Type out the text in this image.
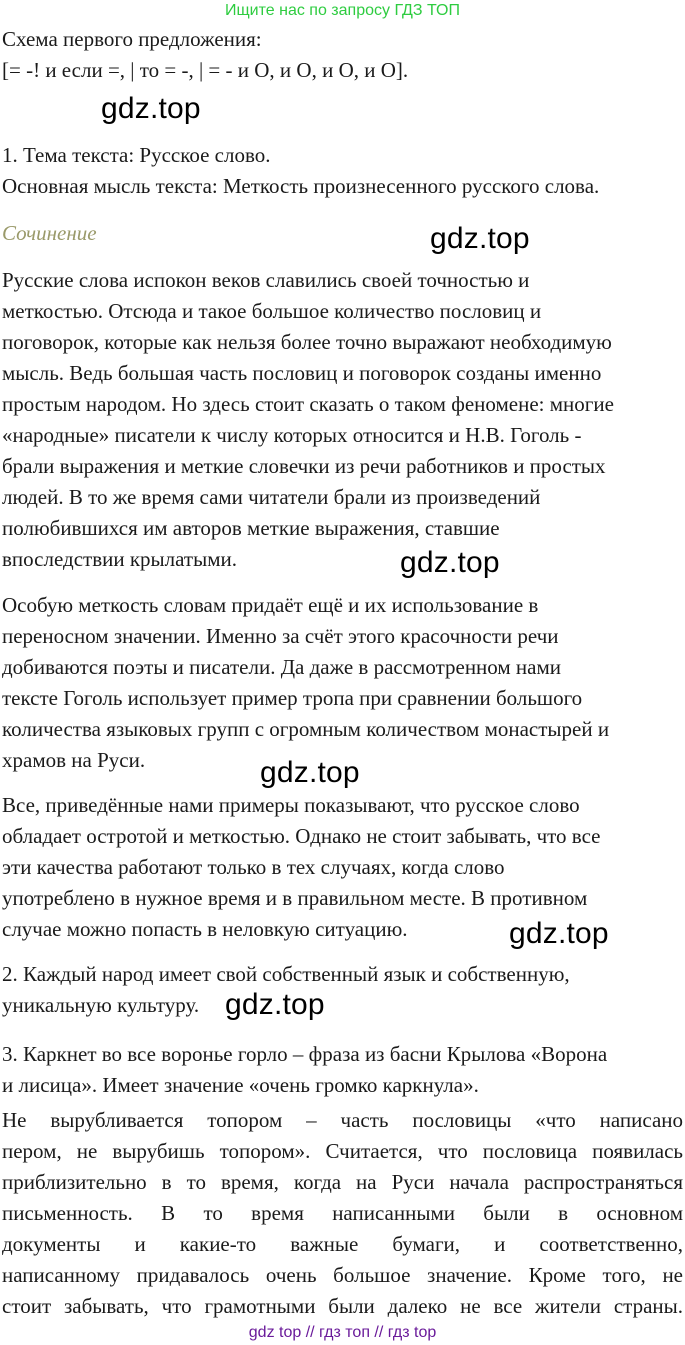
Ищите нас по запросу ГДЗ ТОП
Схема первого предложения:
[= -! и если =, | то = -, | = - и О, и О, и О, и О].
1. Тема текста: Русское слово.
Основная мысль текста: Меткость произнесенного русского слова.
Сочинение
Русские слова испокон веков славились своей точностью и
меткостью. Отсюда и такое большое количество пословиц и
поговорок, которые как нельзя более точно выражают необходимую
мысль. Ведь большая часть пословиц и поговорок созданы именно
простым народом. Но здесь стоит сказать о таком феномене: многие
«народные» писатели к числу которых относится и Н.В. Гоголь -
брали выражения и меткие словечки из речи работников и простых
людей. В то же время сами читатели брали из произведений
полюбившихся им авторов меткие выражения, ставшие
впоследствии крылатыми.
Особую меткость словам придаёт ещё и их использование в
переносном значении. Именно за счёт этого красочности речи
добиваются поэты и писатели. Да даже в рассмотренном нами
тексте Гоголь использует пример тропа при сравнении большого
количества языковых групп с огромным количеством монастырей и
храмов на Руси.
Все, приведённые нами примеры показывают, что русское слово
обладает остротой и меткостью. Однако не стоит забывать, что все
эти качества работают только в тех случаях, когда слово
употреблено в нужное время и в правильном месте. В противном
случае можно попасть в неловкую ситуацию.
2. Каждый народ имеет свой собственный язык и собственную,
уникальную культуру.
3. Каркнет во все воронье горло – фраза из басни Крылова «Ворона
и лисица». Имеет значение «очень громко каркнула».
Не вырубливается топором – часть пословицы «что написано
пером, не вырубишь топором». Считается, что пословица появилась
приблизительно в то время, когда на Руси начала распространяться
письменность. В то время написанными были в основном
документы и какие-то важные бумаги, и соответственно,
написанному придавалось очень большое значение. Кроме того, не
стоит забывать, что грамотными были далеко не все жители страны.
gdz.top
gdz.top
gdz.top
gdz.top
gdz.top
gdz.top
gdz top // гдз топ // гдз top
